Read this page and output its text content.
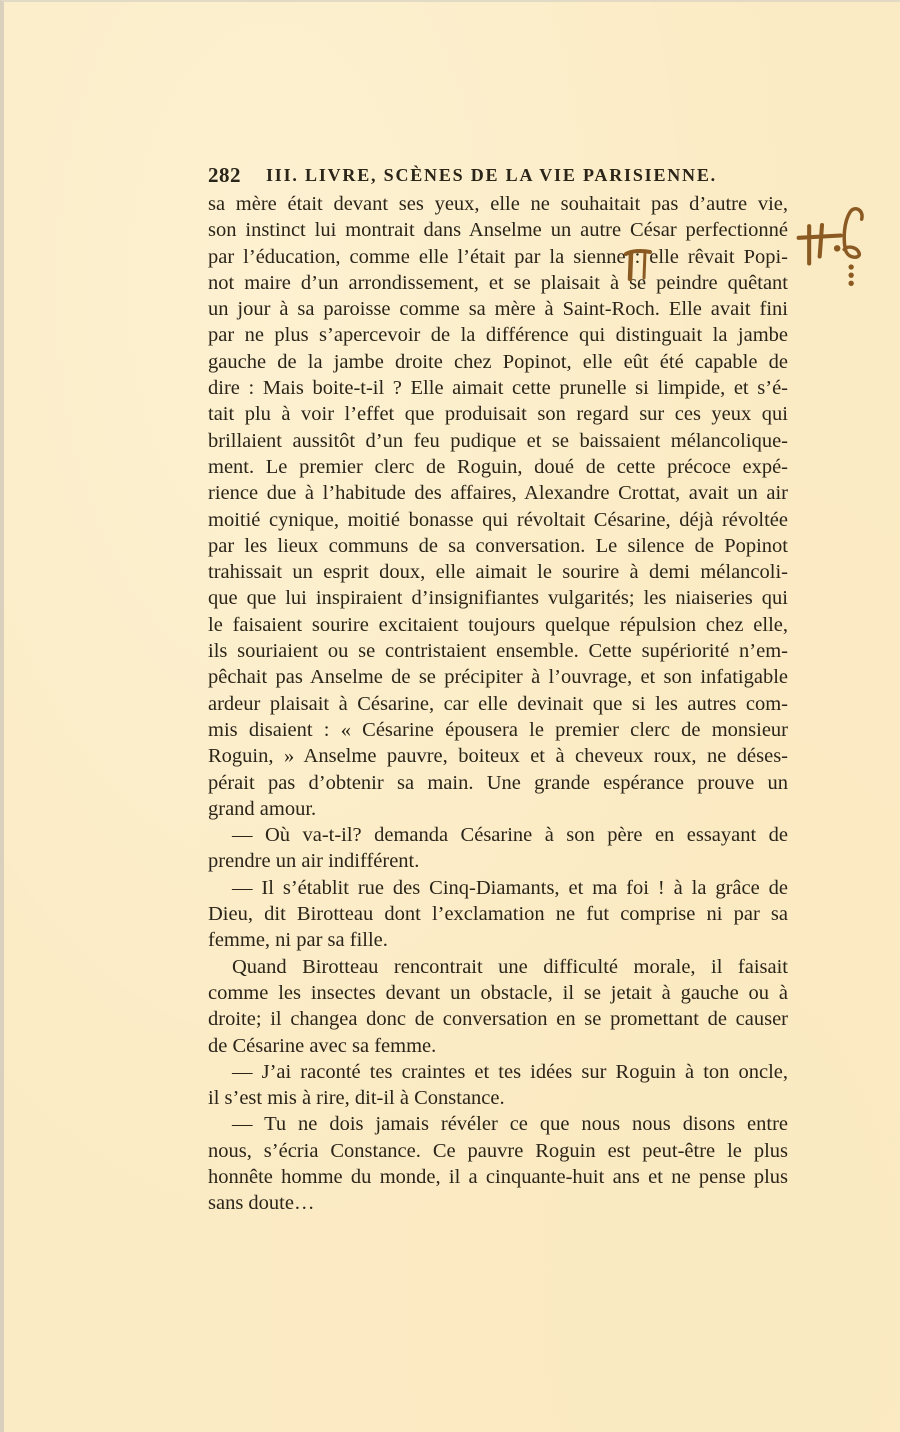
282 III. LIVRE, SCÈNES DE LA VIE PARISIENNE.
sa mère était devant ses yeux, elle ne souhaitait pas d’autre vie,
son instinct lui montrait dans Anselme un autre César perfectionné
par l’éducation, comme elle l’était par la sienne : elle rêvait Popi-
not maire d’un arrondissement, et se plaisait à se peindre quêtant
un jour à sa paroisse comme sa mère à Saint-Roch. Elle avait fini
par ne plus s’apercevoir de la différence qui distinguait la jambe
gauche de la jambe droite chez Popinot, elle eût été capable de
dire : Mais boite-t-il ? Elle aimait cette prunelle si limpide, et s’é-
tait plu à voir l’effet que produisait son regard sur ces yeux qui
brillaient aussitôt d’un feu pudique et se baissaient mélancolique-
ment. Le premier clerc de Roguin, doué de cette précoce expé-
rience due à l’habitude des affaires, Alexandre Crottat, avait un air
moitié cynique, moitié bonasse qui révoltait Césarine, déjà révoltée
par les lieux communs de sa conversation. Le silence de Popinot
trahissait un esprit doux, elle aimait le sourire à demi mélancoli-
que que lui inspiraient d’insignifiantes vulgarités; les niaiseries qui
le faisaient sourire excitaient toujours quelque répulsion chez elle,
ils souriaient ou se contristaient ensemble. Cette supériorité n’em-
pêchait pas Anselme de se précipiter à l’ouvrage, et son infatigable
ardeur plaisait à Césarine, car elle devinait que si les autres com-
mis disaient : « Césarine épousera le premier clerc de monsieur
Roguin, » Anselme pauvre, boiteux et à cheveux roux, ne déses-
pérait pas d’obtenir sa main. Une grande espérance prouve un
grand amour.
— Où va-t-il? demanda Césarine à son père en essayant de
prendre un air indifférent.
— Il s’établit rue des Cinq-Diamants, et ma foi ! à la grâce de
Dieu, dit Birotteau dont l’exclamation ne fut comprise ni par sa
femme, ni par sa fille.
Quand Birotteau rencontrait une difficulté morale, il faisait
comme les insectes devant un obstacle, il se jetait à gauche ou à
droite; il changea donc de conversation en se promettant de causer
de Césarine avec sa femme.
— J’ai raconté tes craintes et tes idées sur Roguin à ton oncle,
il s’est mis à rire, dit-il à Constance.
— Tu ne dois jamais révéler ce que nous nous disons entre
nous, s’écria Constance. Ce pauvre Roguin est peut-être le plus
honnête homme du monde, il a cinquante-huit ans et ne pense plus
sans doute…
